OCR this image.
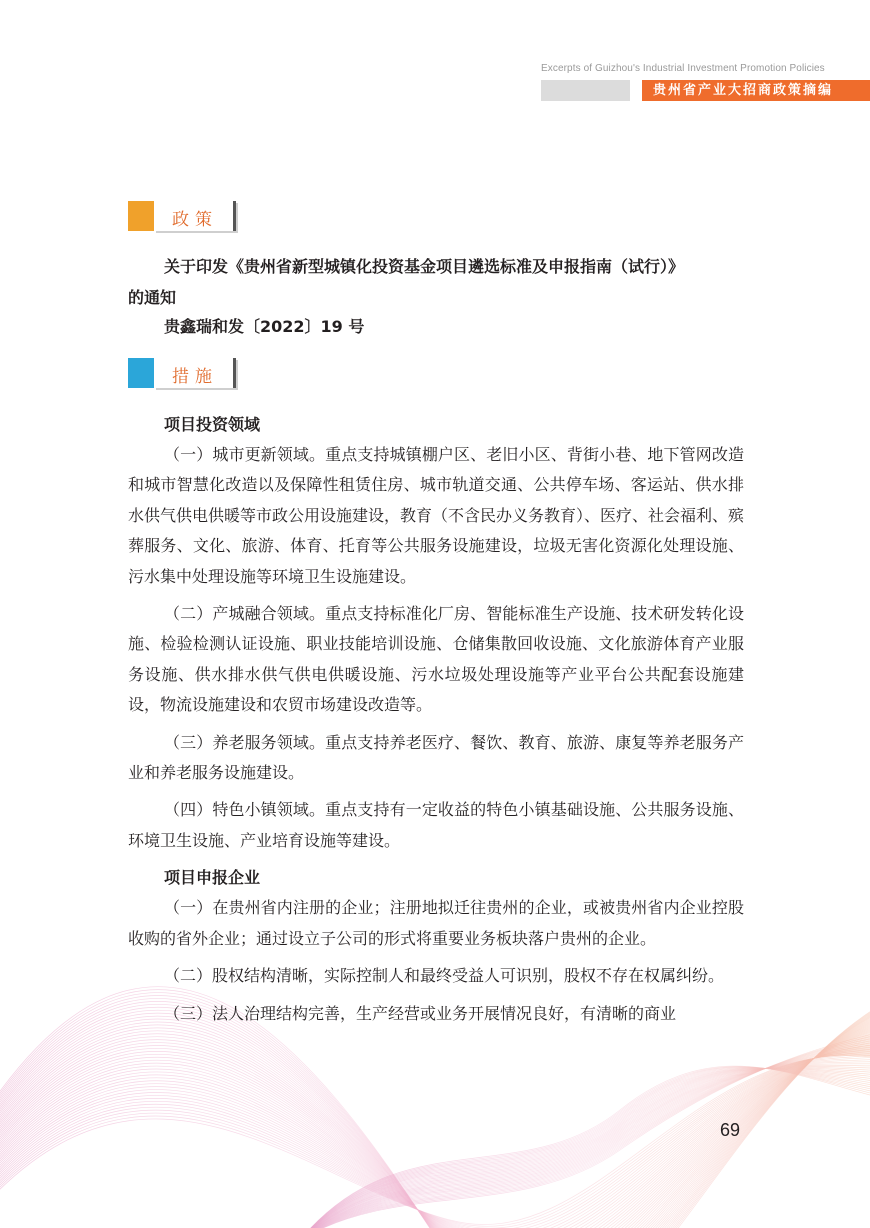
Excerpts of Guizhou's Industrial Investment Promotion Policies
贵州省产业大招商政策摘编
政策
关于印发《贵州省新型城镇化投资基金项目遴选标准及申报指南（试行）》
的通知
贵鑫瑞和发〔2022〕19 号
措施

项目投资领域

（一）城市更新领域。重点支持城镇棚户区、老旧小区、背街小巷、地下管网改造和城市智慧化改造以及保障性租赁住房、城市轨道交通、公共停车场、客运站、供水排水供气供电供暖等市政公用设施建设，教育（不含民办义务教育）、医疗、社会福利、殡葬服务、文化、旅游、体育、托育等公共服务设施建设，垃圾无害化资源化处理设施、污水集中处理设施等环境卫生设施建设。

（二）产城融合领域。重点支持标准化厂房、智能标准生产设施、技术研发转化设施、检验检测认证设施、职业技能培训设施、仓储集散回收设施、文化旅游体育产业服务设施、供水排水供气供电供暖设施、污水垃圾处理设施等产业平台公共配套设施建设，物流设施建设和农贸市场建设改造等。

（三）养老服务领域。重点支持养老医疗、餐饮、教育、旅游、康复等养老服务产业和养老服务设施建设。

（四）特色小镇领域。重点支持有一定收益的特色小镇基础设施、公共服务设施、环境卫生设施、产业培育设施等建设。

项目申报企业

（一）在贵州省内注册的企业；注册地拟迁往贵州的企业，或被贵州省内企业控股收购的省外企业；通过设立子公司的形式将重要业务板块落户贵州的企业。

（二）股权结构清晰，实际控制人和最终受益人可识别，股权不存在权属纠纷。

（三）法人治理结构完善，生产经营或业务开展情况良好，有清晰的商业

69
